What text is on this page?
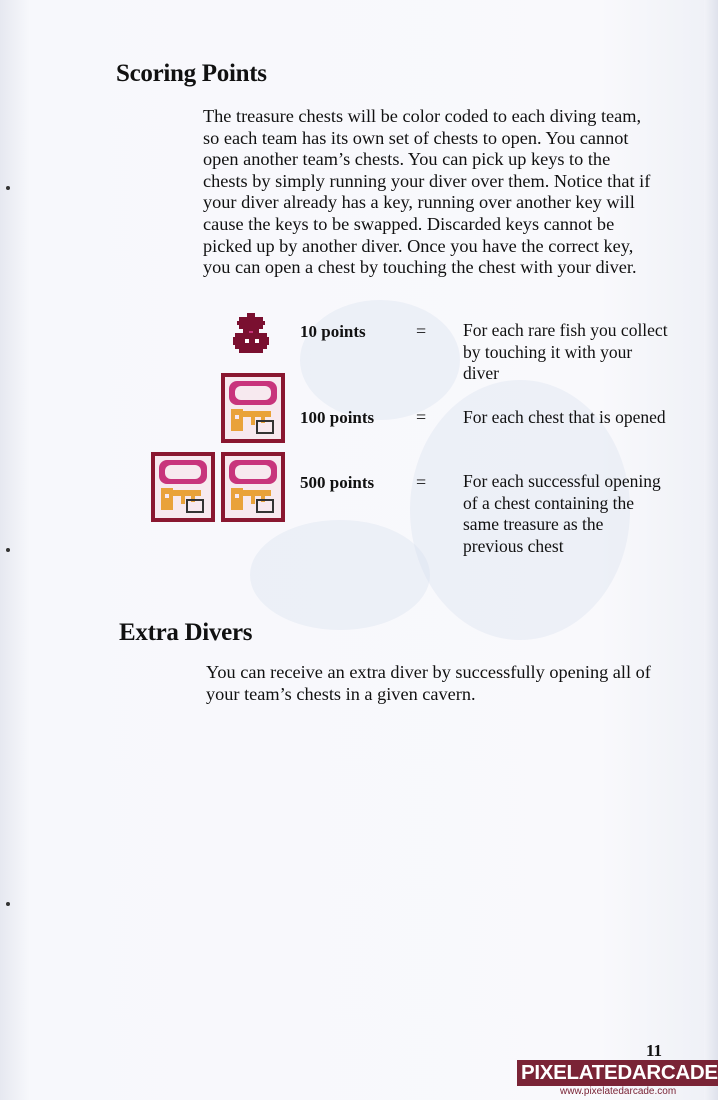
Scoring Points

The treasure chests will be color coded to each diving team, so each team has its own set of chests to open. You cannot open another team’s chests. You can pick up keys to the chests by simply running your diver over them. Notice that if your diver already has a key, running over another key will cause the keys to be swapped. Discarded keys cannot be picked up by another diver. Once you have the correct key, you can open a chest by touching the chest with your diver.

10 points	= For each rare fish you collect by touching it with your diver
100 points = For each chest that is opened
500 points = For each successful opening of a chest containing the same treasure as the previous chest
Extra Divers

You can receive an extra diver by successfully opening all of your team’s chests in a given cavern.

11
PIXELATEDARCADE
www.pixelatedarcade.com
